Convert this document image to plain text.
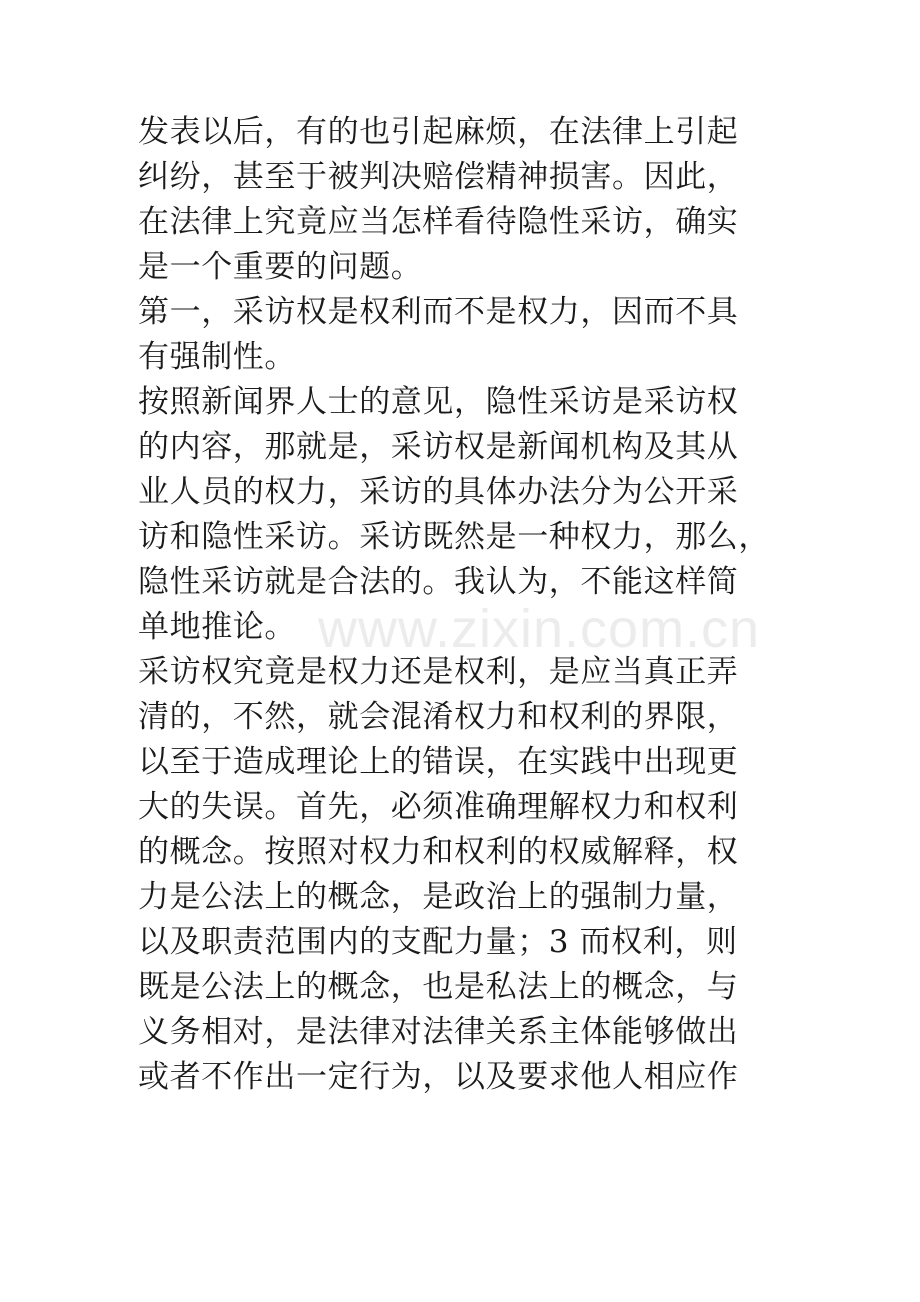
发表以后，有的也引起麻烦，在法律上引起
纠纷，甚至于被判决赔偿精神损害。因此，
在法律上究竟应当怎样看待隐性采访，确实
是一个重要的问题。
第一，采访权是权利而不是权力，因而不具
有强制性。
按照新闻界人士的意见，隐性采访是采访权
的内容，那就是，采访权是新闻机构及其从
业人员的权力，采访的具体办法分为公开采
访和隐性采访。采访既然是一种权力，那么，
隐性采访就是合法的。我认为，不能这样简
单地推论。
采访权究竟是权力还是权利，是应当真正弄
清的，不然，就会混淆权力和权利的界限，
以至于造成理论上的错误，在实践中出现更
大的失误。首先，必须准确理解权力和权利
的概念。按照对权力和权利的权威解释，权
力是公法上的概念，是政治上的强制力量，
以及职责范围内的支配力量；3 而权利，则
既是公法上的概念，也是私法上的概念，与
义务相对，是法律对法律关系主体能够做出
或者不作出一定行为，以及要求他人相应作
www.zixin.com.cn
